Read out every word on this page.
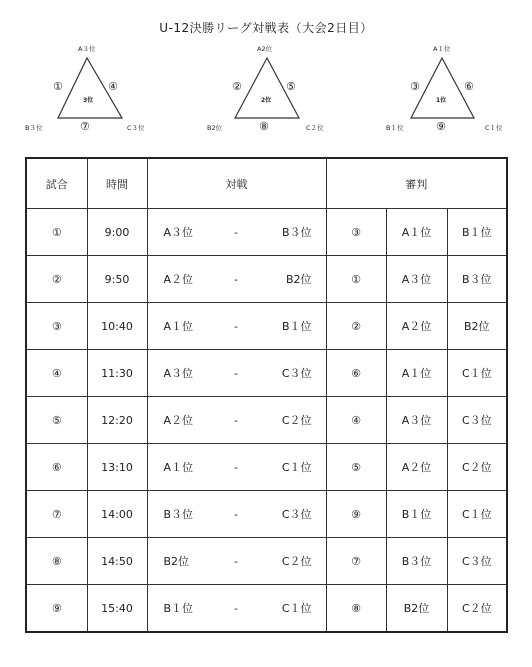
U-12決勝リーグ対戦表（大会2日目）
A３位
B３位	C３位
①	④
⑦
3位
A2位
B2位	C２位
②	⑤
⑧
2位
A１位
B１位	C１位
③	⑥
⑨
1位
試合	時間	対戦			審判		
①	9:00	A３位	-	B３位	③	A１位	B１位
②	9:50	A２位	-	B2位	①	A３位	B３位
③	10:40	A１位	-	B１位	②	A２位	B2位
④	11:30	A３位	-	C３位	⑥	A１位	C１位
⑤	12:20	A２位	-	C２位	④	A３位	C３位
⑥	13:10	A１位	-	C１位	⑤	A２位	C２位
⑦	14:00	B３位	-	C３位	⑨	B１位	C１位
⑧	14:50	B2位	-	C２位	⑦	B３位	C３位
⑨	15:40	B１位	-	C１位	⑧	B2位	C２位
